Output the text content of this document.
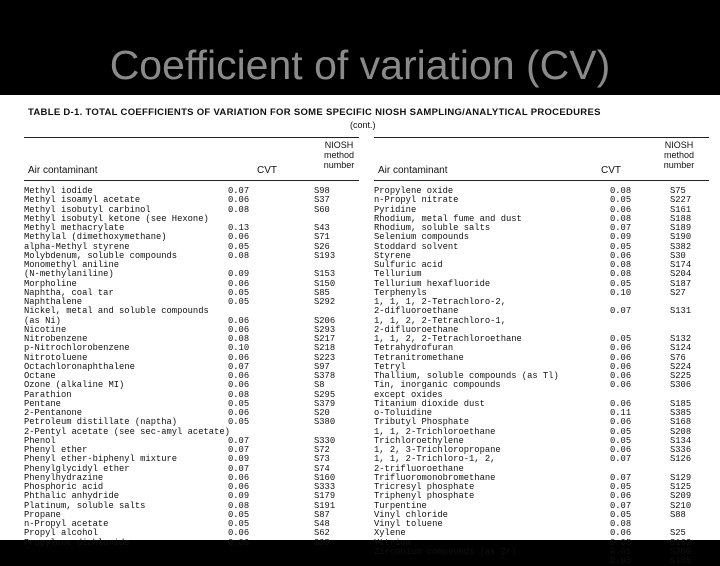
Coefficient of variation (CV)
TABLE D-1. TOTAL COEFFICIENTS OF VARIATION FOR SOME SPECIFIC NIOSH SAMPLING/ANALYTICAL PROCEDURES
(cont.)
Air contaminant	CVT
NIOSH
method
number
Methyl iodide	0.07	S98
Methyl isoamyl acetate	0.06	S37
Methyl isobutyl carbinol	0.08	S60
Methyl isobutyl ketone (see Hexone)
Methyl methacrylate	0.13	S43
Methylal (dimethoxymethane)	0.06	S71
alpha-Methyl styrene	0.05	S26
Molybdenum, soluble compounds	0.08	S193
Monomethyl aniline
(N-methylaniline)	0.09	S153
Morpholine	0.06	S150
Naphtha, coal tar	0.05	S85
Naphthalene	0.05	S292
Nickel, metal and soluble compounds
(as Ni)	0.06	S206
Nicotine	0.06	S293
Nitrobenzene	0.08	S217
p-Nitrochlorobenzene	0.10	S218
Nitrotoluene	0.06	S223
Octachloronaphthalene	0.07	S97
Octane	0.06	S378
Ozone (alkaline MI)	0.06	S8
Parathion	0.08	S295
Pentane	0.05	S379
2-Pentanone	0.06	S20
Petroleum distillate (naptha)	0.05	S380
2-Pentyl acetate (see sec-amyl acetate)
Phenol	0.07	S330
Phenyl ether	0.07	S72
Phenyl ether-biphenyl mixture	0.09	S73
Phenylglycidyl ether	0.07	S74
Phenylhydrazine	0.06	S160
Phosphoric acid	0.06	S333
Phthalic anhydride	0.09	S179
Platinum, soluble salts	0.08	S191
Propane	0.05	S87
n-Propyl acetate	0.05	S48
Propyl alcohol	0.06	S62
Propylene dichloride	0.06	S95
Air contaminant	CVT
NIOSH
method
number
Propylene oxide	0.08	S75
n-Propyl nitrate	0.05	S227
Pyridine	0.06	S161
Rhodium, metal fume and dust	0.08	S188
Rhodium, soluble salts	0.07	S189
Selenium compounds	0.09	S190
Stoddard solvent	0.05	S382
Styrene	0.06	S30
Sulfuric acid	0.08	S174
Tellurium	0.08	S204
Tellurium hexafluoride	0.05	S187
Terphenyls	0.10	S27
1, 1, 1, 2-Tetrachloro-2,
2-difluoroethane	0.07	S131
1, 1, 2, 2-Tetrachloro-1,
2-difluoroethane
1, 1, 2, 2-Tetrachloroethane	0.05	S132
Tetrahydrofuran	0.06	S124
Tetranitromethane	0.06	S76
Tetryl	0.06	S224
Thallium, soluble compounds (as Tl)	0.06	S225
Tin, inorganic compounds	0.06	S306
except oxides
Titanium dioxide dust	0.06	S185
o-Toluidine	0.11	S385
Tributyl Phosphate	0.06	S168
1, 1, 2-Trichloroethane	0.05	S208
Trichloroethylene	0.05	S134
1, 2, 3-Trichloropropane	0.06	S336
1, 1, 2-Trichloro-1, 2,	0.07	S126
2-trifluoroethane
Trifluoromonobromethane	0.07	S129
Tricresyl phosphate	0.05	S125
Triphenyl phosphate	0.06	S209
Turpentine	0.07	S210
Vinyl chloride	0.05	S88
Vinyl toluene	0.08
Xylene	0.06	S25
Yttrium	0.05	S162
Zirconium compounds (as Zr)	0.05	S200
0.05	S185
